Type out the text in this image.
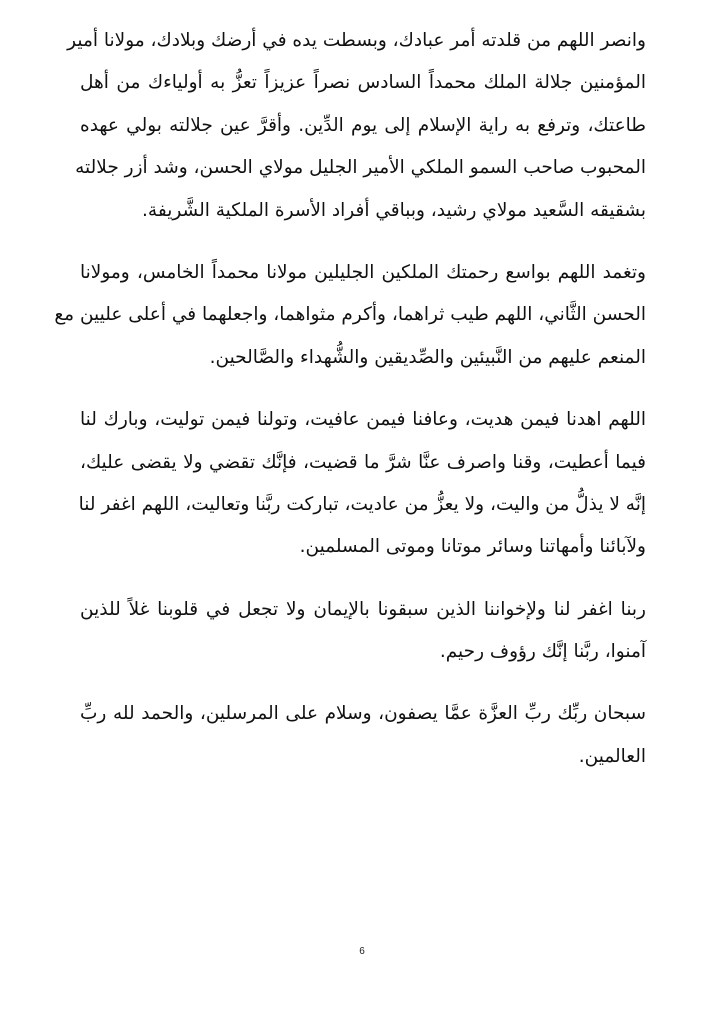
وانصر اللهم من قلدته أمر عبادك، وبسطت يده في أرضك وبلادك، مولانا أمير
المؤمنين جلالة الملك محمداً السادس نصراً عزيزاً تعزُّ به أولياءك من أهل
طاعتك، وترفع به راية الإسلام إلى يوم الدِّين. وأقرَّ عين جلالته بولي عهده
المحبوب صاحب السمو الملكي الأمير الجليل مولاي الحسن، وشد أزر جلالته
بشقيقه السَّعيد مولاي رشيد، وبباقي أفراد الأسرة الملكية الشَّريفة.

وتغمد اللهم بواسع رحمتك الملكين الجليلين مولانا محمداً الخامس، ومولانا
الحسن الثَّاني، اللهم طيب ثراهما، وأكرم مثواهما، واجعلهما في أعلى عليين مع
المنعم عليهم من النَّبيئين والصِّديقين والشُّهداء والصَّالحين.

اللهم اهدنا فيمن هديت، وعافنا فيمن عافيت، وتولنا فيمن توليت، وبارك لنا
فيما أعطيت، وقنا واصرف عنَّا شرَّ ما قضيت، فإنَّك تقضي ولا يقضى عليك،
إنَّه لا يذلُّ من واليت، ولا يعزُّ من عاديت، تباركت ربَّنا وتعاليت، اللهم اغفر لنا
ولآبائنا وأمهاتنا وسائر موتانا وموتى المسلمين.

ربنا اغفر لنا ولإخواننا الذين سبقونا بالإيمان ولا تجعل في قلوبنا غلاً للذين
آمنوا، ربَّنا إنَّك رؤوف رحيم.

سبحان ربِّك ربِّ العزَّة عمَّا يصفون، وسلام على المرسلين، والحمد لله ربِّ
العالمين.

6
